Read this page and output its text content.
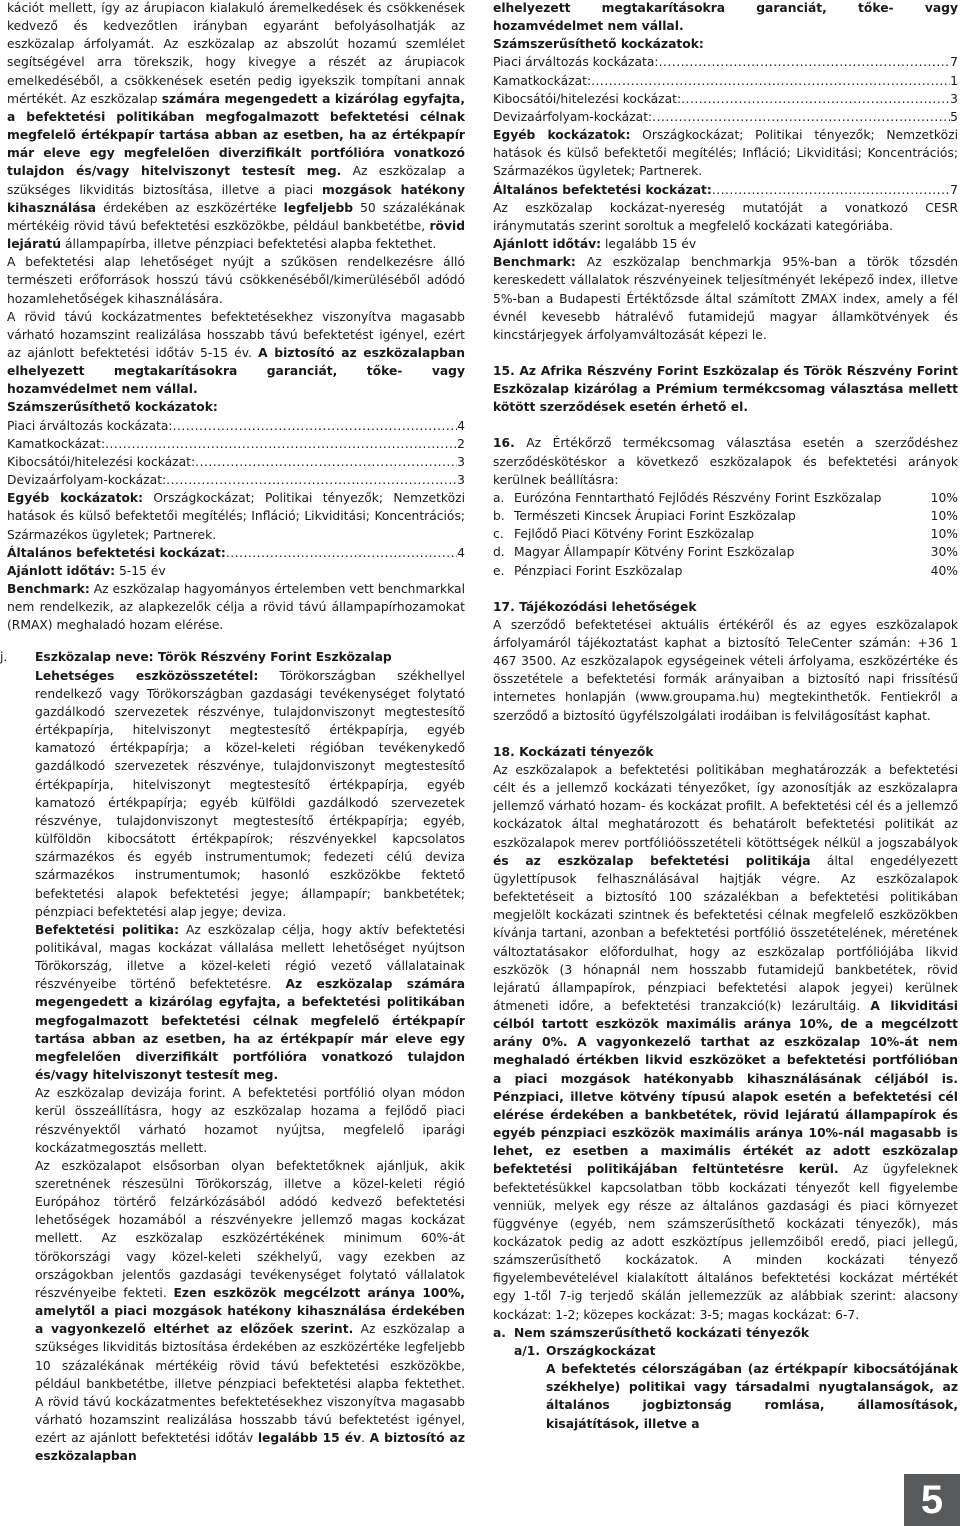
kációt mellett, így az árupiacon kialakuló áremelkedések és csökkenések kedvező és kedvezőtlen irányban egyaránt befolyásolhatják az eszközalap árfolyamát. Az eszközalap az abszolút hozamú szemlélet segítségével arra törekszik, hogy kivegye a részét az árupiacok emelkedéséből, a csökkenések esetén pedig igyekszik tompítani annak mértékét. Az eszközalap számára megengedett a kizárólag egyfajta, a befektetési politikában megfogalmazott befektetési célnak megfelelő értékpapír tartása abban az esetben, ha az értékpapír már eleve egy megfelelően diverzifikált portfólióra vonatkozó tulajdon és/vagy hitelviszonyt testesít meg. Az eszközalap a szükséges likviditás biztosítása, illetve a piaci mozgások hatékony kihasználása érdekében az eszközértéke legfeljebb 50 százalékának mértékéig rövid távú befektetési eszközökbe, például bankbetétbe, rövid lejáratú állampapírba, illetve pénzpiaci befektetési alapba fektethet.

A befektetési alap lehetőséget nyújt a szűkösen rendelkezésre álló természeti erőforrások hosszú távú csökkenéséből/kimerüléséből adódó hozamlehetőségek kihasználására.

A rövid távú kockázatmentes befektetésekhez viszonyítva magasabb várható hozamszint realizálása hosszabb távú befektetést igényel, ezért az ajánlott befektetési időtáv 5-15 év. A biztosító az eszközalapban elhelyezett megtakarításokra garanciát, tőke- vagy hozamvédelmet nem vállal.

Számszerűsíthető kockázatok:

Piaci árváltozás kockázata: .....	4
Kamatkockázat: .....	2
Kibocsátói/hitelezési kockázat: .....	3
Devizaárfolyam-kockázat: .....	3

Egyéb kockázatok: Országkockázat; Politikai tényezők; Nemzetközi hatások és külső befektetői megítélés; Infláció; Likviditási; Koncentrációs; Származékos ügyletek; Partnerek.

Általános befektetési kockázat: .....	4

Ajánlott időtáv: 5-15 év

Benchmark: Az eszközalap hagyományos értelemben vett benchmarkkal nem rendelkezik, az alapkezelők célja a rövid távú állampapírhozamokat (RMAX) meghaladó hozam elérése.

j. Eszközalap neve: Török Részvény Forint Eszközalap

Lehetséges eszközösszetétel: Törökországban székhellyel rendelkező vagy Törökországban gazdasági tevékenységet folytató gazdálkodó szervezetek részvénye, tulajdonviszonyt megtestesítő értékpapírja, hitelviszonyt megtestesítő értékpapírja, egyéb kamatozó értékpapírja; a közel-keleti régióban tevékenykedő gazdálkodó szervezetek részvénye, tulajdonviszonyt megtestesítő értékpapírja, hitelviszonyt megtestesítő értékpapírja, egyéb kamatozó értékpapírja; egyéb külföldi gazdálkodó szervezetek részvénye, tulajdonviszonyt megtestesítő értékpapírja; egyéb, külföldön kibocsátott értékpapírok; részvényekkel kapcsolatos származékos és egyéb instrumentumok; fedezeti célú deviza származékos instrumentumok; hasonló eszközökbe fektető befektetési alapok befektetési jegye; állampapír; bankbetétek; pénzpiaci befektetési alap jegye; deviza.

Befektetési politika: Az eszközalap célja, hogy aktív befektetési politikával, magas kockázat vállalása mellett lehetőséget nyújtson Törökország, illetve a közel-keleti régió vezető vállalatainak részvényeibe történő befektetésre. Az eszközalap számára megengedett a kizárólag egyfajta, a befektetési politikában megfogalmazott befektetési célnak megfelelő értékpapír tartása abban az esetben, ha az értékpapír már eleve egy megfelelően diverzifikált portfólióra vonatkozó tulajdon és/vagy hitelviszonyt testesít meg.

Az eszközalap devizája forint. A befektetési portfólió olyan módon kerül összeállításra, hogy az eszközalap hozama a fejlődő piaci részvényektől várható hozamot nyújtsa, megfelelő iparági kockázatmegosztás mellett.

Az eszközalapot elsősorban olyan befektetőknek ajánljuk, akik szeretnének részesülni Törökország, illetve a közel-keleti régió Európához törtérő felzárkózásából adódó kedvező befektetési lehetőségek hozamából a részvényekre jellemző magas kockázat mellett. Az eszközalap eszközértékének minimum 60%-át törökországi vagy közel-keleti székhelyű, vagy ezekben az országokban jelentős gazdasági tevékenységet folytató vállalatok részvényeibe fekteti. Ezen eszközök megcélzott aránya 100%, amelytől a piaci mozgások hatékony kihasználása érdekében a vagyonkezelő eltérhet az előzőek szerint. Az eszközalap a szükséges likviditás biztosítása érdekében az eszközértéke legfeljebb 10 százalékának mértékéig rövid távú befektetési eszközökbe, például bankbetétbe, illetve pénzpiaci befektetési alapba fektethet. A rövid távú kockázatmentes befektetésekhez viszonyítva magasabb várható hozamszint realizálása hosszabb távú befektetést igényel, ezért az ajánlott befektetési időtáv legalább 15 év. A biztosító az eszközalapban

elhelyezett megtakarításokra garanciát, tőke- vagy hozamvédelmet nem vállal.

Számszerűsíthető kockázatok:

Piaci árváltozás kockázata: .....	7
Kamatkockázat: .....	1
Kibocsátói/hitelezési kockázat: .....	3
Devizaárfolyam-kockázat: .....	5

Egyéb kockázatok: Országkockázat; Politikai tényezők; Nemzetközi hatások és külső befektetői megítélés; Infláció; Likviditási; Koncentrációs; Származékos ügyletek; Partnerek.

Általános befektetési kockázat: .....	7

Az eszközalap kockázat-nyereség mutatóját a vonatkozó CESR iránymutatás szerint soroltuk a megfelelő kockázati kategóriába.

Ajánlott időtáv: legalább 15 év

Benchmark: Az eszközalap benchmarkja 95%-ban a török tőzsdén kereskedett vállalatok részvényeinek teljesítményét leképező index, illetve 5%-ban a Budapesti Értéktőzsde által számított ZMAX index, amely a fél évnél kevesebb hátralévő futamidejű magyar államkötvények és kincstárjegyek árfolyamváltozását képezi le.

15. Az Afrika Részvény Forint Eszközalap és Török Részvény Forint Eszközalap kizárólag a Prémium termékcsomag választása mellett kötött szerződések esetén érhető el.

16. Az Értékőrző termékcsomag választása esetén a szerződéshez szerződéskötéskor a következő eszközalapok és befektetési arányok kerülnek beállításra:

a. Eurózóna Fenntartható Fejlődés Részvény Forint Eszközalap	10%
b. Természeti Kincsek Árupiaci Forint Eszközalap	10%
c. Fejlődő Piaci Kötvény Forint Eszközalap	10%
d. Magyar Állampapír Kötvény Forint Eszközalap	30%
e. Pénzpiaci Forint Eszközalap	40%

17. Tájékozódási lehetőségek

A szerződő befektetései aktuális értékéről és az egyes eszközalapok árfolyamáról tájékoztatást kaphat a biztosító TeleCenter számán: +36 1 467 3500. Az eszközalapok egységeinek vételi árfolyama, eszközértéke és összetétele a befektetési formák arányaiban a biztosító napi frissítésű internetes honlapján (www.groupama.hu) megtekinthetők. Fentiekről a szerződő a biztosító ügyfélszolgálati irodáiban is felvilágosítást kaphat.

18. Kockázati tényezők

Az eszközalapok a befektetési politikában meghatározzák a befektetési célt és a jellemző kockázati tényezőket, így azonosítják az eszközalapra jellemző várható hozam- és kockázat profilt. A befektetési cél és a jellemző kockázatok által meghatározott és behatárolt befektetési politikát az eszközalapok merev portfólióösszetételi kötöttségek nélkül a jogszabályok és az eszközalap befektetési politikája által engedélyezett ügylettípusok felhasználásával hajtják végre. Az eszközalapok befektetéseit a biztosító 100 százalékban a befektetési politikában megjelölt kockázati szintnek és befektetési célnak megfelelő eszközökben kívánja tartani, azonban a befektetési portfólió összetételének, méretének változtatásakor előfordulhat, hogy az eszközalap portfóliójába likvid eszközök (3 hónapnál nem hosszabb futamidejű bankbetétek, rövid lejáratú állampapírok, pénzpiaci befektetési alapok jegyei) kerülnek átmeneti időre, a befektetési tranzakció(k) lezárultáig. A likviditási célból tartott eszközök maximális aránya 10%, de a megcélzott arány 0%. A vagyonkezelő tarthat az eszközalap 10%-át nem meghaladó értékben likvid eszközöket a befektetési portfólióban a piaci mozgások hatékonyabb kihasználásának céljából is. Pénzpiaci, illetve kötvény típusú alapok esetén a befektetési cél elérése érdekében a bankbetétek, rövid lejáratú állampapírok és egyéb pénzpiaci eszközök maximális aránya 10%-nál magasabb is lehet, ez esetben a maximális értékét az adott eszközalap befektetési politikájában feltüntetésre kerül. Az ügyfeleknek befektetésükkel kapcsolatban több kockázati tényezőt kell figyelembe venniük, melyek egy része az általános gazdasági és piaci környezet függvénye (egyéb, nem számszerűsíthető kockázati tényezők), más kockázatok pedig az adott eszköztípus jellemzőiből eredő, piaci jellegű, számszerűsíthető kockázatok. A minden kockázati tényező figyelembevételével kialakított általános befektetési kockázat mértékét egy 1-től 7-ig terjedő skálán jellemezzük az alábbiak szerint: alacsony kockázat: 1-2; közepes kockázat: 3-5; magas kockázat: 6-7.

a. Nem számszerűsíthető kockázati tényezők
a/1. Országkockázat

A befektetés célországában (az értékpapír kibocsátójának székhelye) politikai vagy társadalmi nyugtalanságok, az általános jogbiztonság romlása, államosítások, kisajátítások, illetve a

5
